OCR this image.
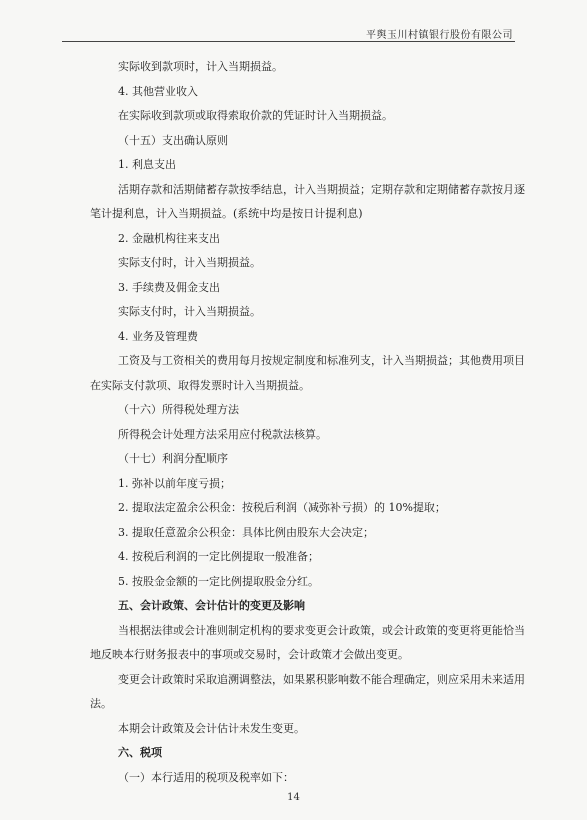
平舆玉川村镇银行股份有限公司
实际收到款项时，计入当期损益。
4. 其他营业收入
在实际收到款项或取得索取价款的凭证时计入当期损益。
（十五）支出确认原则
1. 利息支出
活期存款和活期储蓄存款按季结息，计入当期损益；定期存款和定期储蓄存款按月逐
笔计提利息，计入当期损益。(系统中均是按日计提利息)
2. 金融机构往来支出
实际支付时，计入当期损益。
3. 手续费及佣金支出
实际支付时，计入当期损益。
4. 业务及管理费
工资及与工资相关的费用每月按规定制度和标准列支，计入当期损益；其他费用项目
在实际支付款项、取得发票时计入当期损益。
（十六）所得税处理方法
所得税会计处理方法采用应付税款法核算。
（十七）利润分配顺序
1. 弥补以前年度亏损；
2. 提取法定盈余公积金：按税后利润（减弥补亏损）的 10%提取；
3. 提取任意盈余公积金：具体比例由股东大会决定；
4. 按税后利润的一定比例提取一般准备；
5. 按股金金额的一定比例提取股金分红。
五、会计政策、会计估计的变更及影响
当根据法律或会计准则制定机构的要求变更会计政策，或会计政策的变更将更能恰当
地反映本行财务报表中的事项或交易时，会计政策才会做出变更。
变更会计政策时采取追溯调整法，如果累积影响数不能合理确定，则应采用未来适用
法。
本期会计政策及会计估计未发生变更。
六、税项
（一）本行适用的税项及税率如下：
14
